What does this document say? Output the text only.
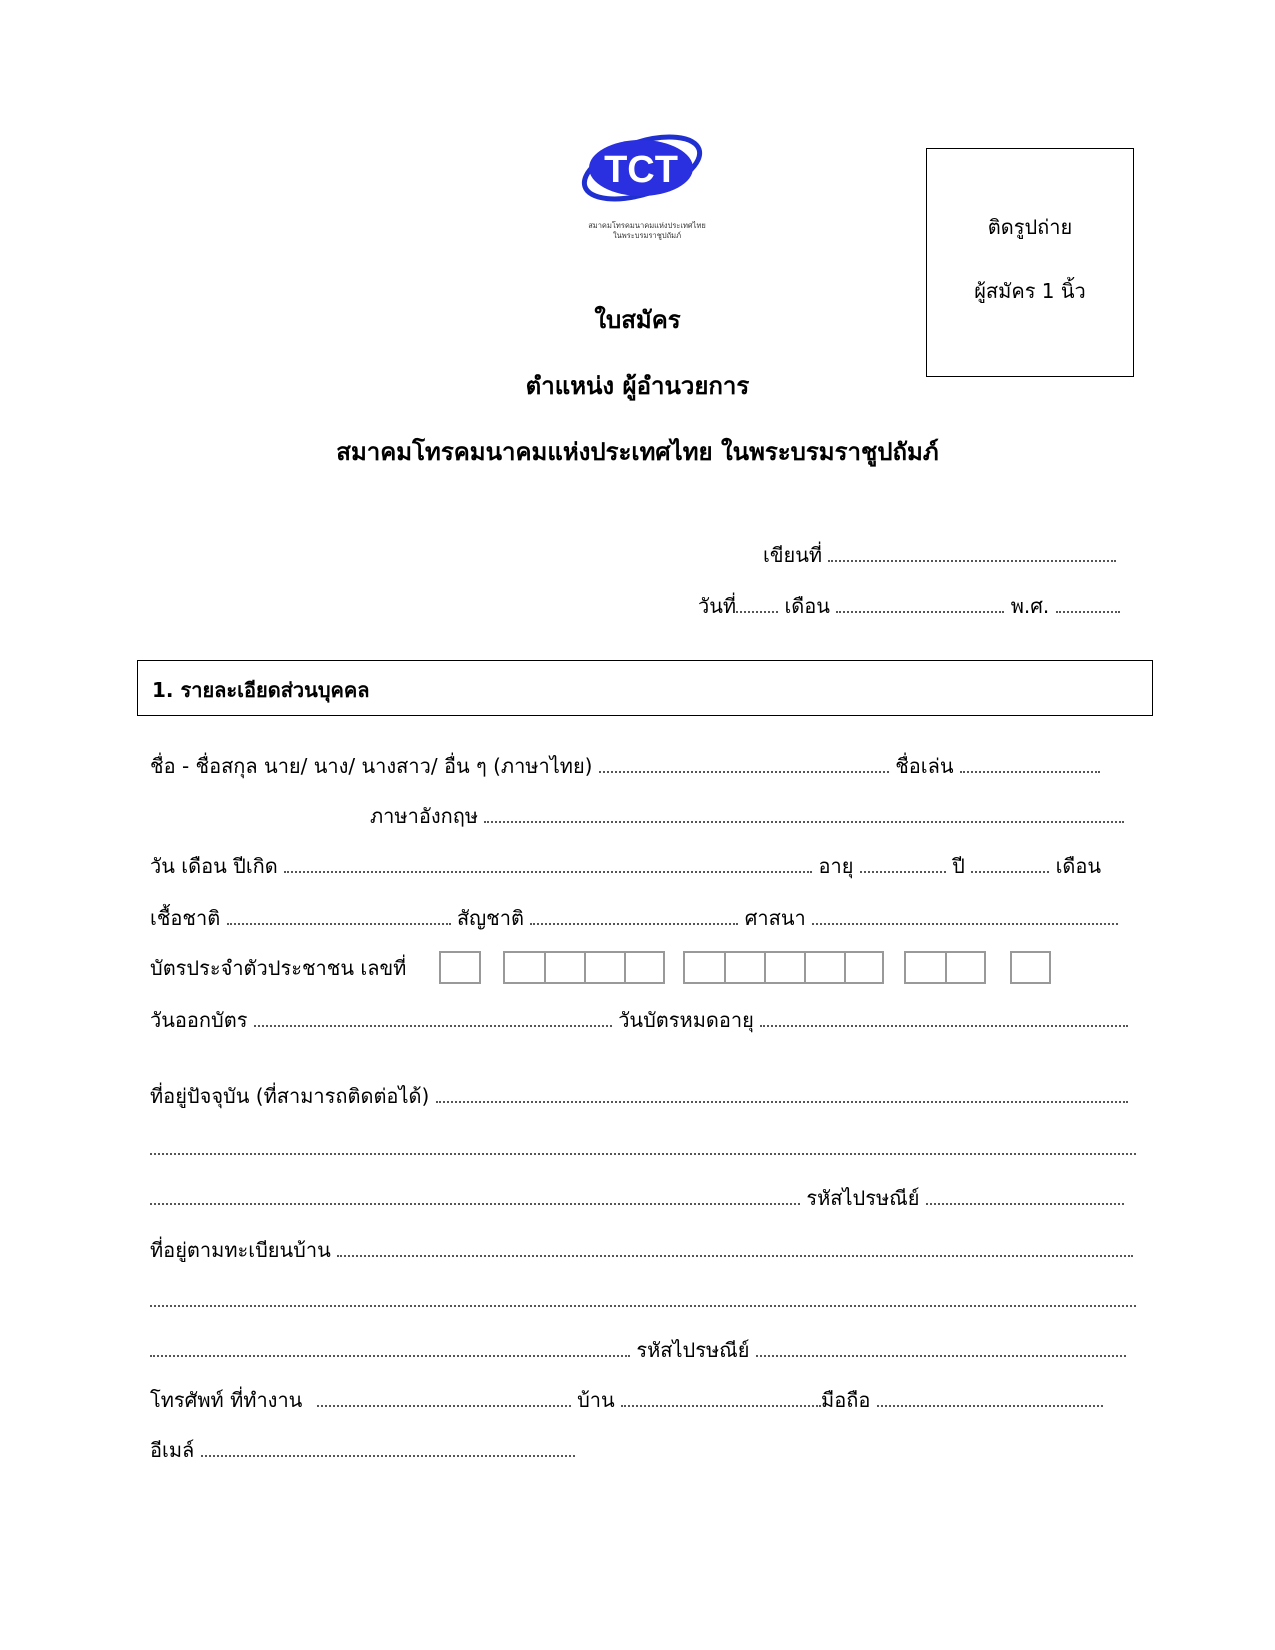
TCT
สมาคมโทรคมนาคมแห่งประเทศไทย
ในพระบรมราชูปถัมภ์	ติดรูปถ่าย
ผู้สมัคร 1 นิ้ว
ใบสมัคร
ตำแหน่ง ผู้อำนวยการ
สมาคมโทรคมนาคมแห่งประเทศไทย ในพระบรมราชูปถัมภ์
เขียนที่
วันที่ เดือน	พ.ศ.
1. รายละเอียดส่วนบุคคล
ชื่อ - ชื่อสกุล นาย/ นาง/ นางสาว/ อื่น ๆ (ภาษาไทย)	ชื่อเล่น
ภาษาอังกฤษ
วัน เดือน ปีเกิด	อายุ	ปี	เดือน
เชื้อชาติ	สัญชาติ	ศาสนา
บัตรประจำตัวประชาชน เลขที่
วันออกบัตร	วันบัตรหมดอายุ
ที่อยู่ปัจจุบัน (ที่สามารถติดต่อได้)
รหัสไปรษณีย์
ที่อยู่ตามทะเบียนบ้าน
รหัสไปรษณีย์
โทรศัพท์ ที่ทำงาน	บ้าน	มือถือ
อีเมล์
